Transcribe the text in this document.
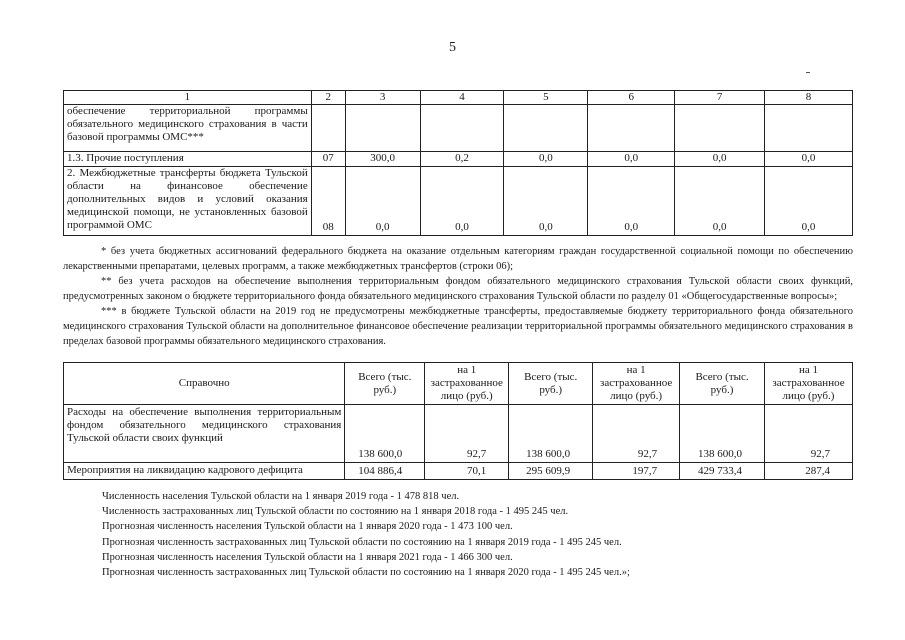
5
1	2	3	4	5	6	7	8
обеспечение территориальной программы обязательного медицинского страхования в части базовой программы ОМС***							
1.3. Прочие поступления	07	300,0	0,2	0,0	0,0	0,0	0,0
2. Межбюджетные трансферты бюджета Тульской области на финансовое обеспечение дополнительных видов и условий оказания медицинской помощи, не установленных базовой программой ОМС	08	0,0	0,0	0,0	0,0	0,0	0,0

* без учета бюджетных ассигнований федерального бюджета на оказание отдельным категориям граждан государственной социальной помощи по обеспечению лекарственными препаратами, целевых программ, а также межбюджетных трансфертов (строки 06);

** без учета расходов на обеспечение выполнения территориальным фондом обязательного медицинского страхования Тульской области своих функций, предусмотренных законом о бюджете территориального фонда обязательного медицинского страхования Тульской области по разделу 01 «Общегосударственные вопросы»;

*** в бюджете Тульской области на 2019 год не предусмотрены межбюджетные трансферты, предоставляемые бюджету территориального фонда обязательного медицинского страхования Тульской области на дополнительное финансовое обеспечение реализации территориальной программы обязательного медицинского страхования в пределах базовой программы обязательного медицинского страхования.

Справочно	Всего (тыс. руб.)	на 1 застрахованное лицо (руб.)	Всего (тыс. руб.)	на 1 застрахованное лицо (руб.)	Всего (тыс. руб.)	на 1 застрахованное лицо (руб.)
Расходы на обеспечение выполнения территориальным фондом обязательного медицинского страхования Тульской области своих функций	138 600,0	92,7	138 600,0	92,7	138 600,0	92,7
Мероприятия на ликвидацию кадрового дефицита	104 886,4	70,1	295 609,9	197,7	429 733,4	287,4
Численность населения Тульской области на 1 января 2019 года - 1 478 818 чел.
Численность застрахованных лиц Тульской области по состоянию на 1 января 2018 года - 1 495 245 чел.
Прогнозная численность населения Тульской области на 1 января 2020 года - 1 473 100 чел.
Прогнозная численность застрахованных лиц Тульской области по состоянию на 1 января 2019 года - 1 495 245 чел.
Прогнозная численность населения Тульской области на 1 января 2021 года - 1 466 300 чел.
Прогнозная численность застрахованных лиц Тульской области по состоянию на 1 января 2020 года - 1 495 245 чел.»;
